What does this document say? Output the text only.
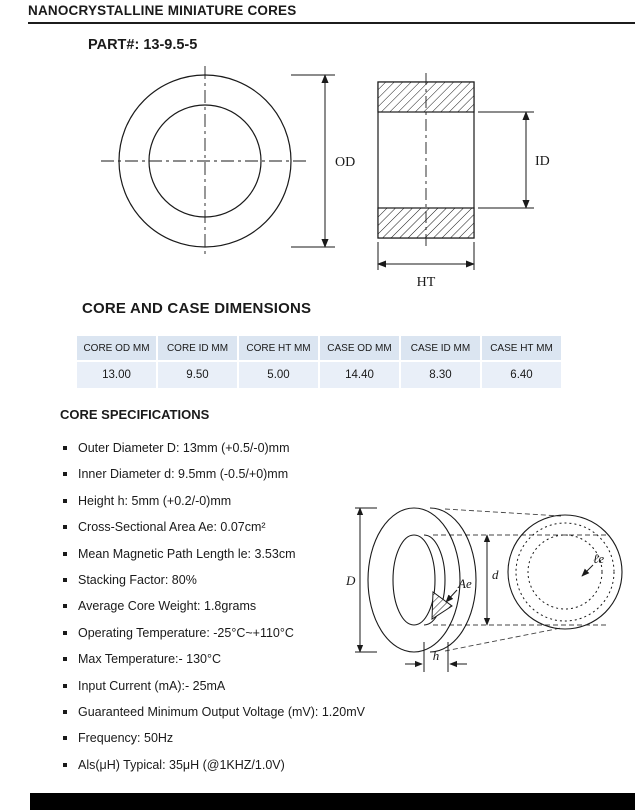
NANOCRYSTALLINE MINIATURE CORES
PART#: 13-9.5-5
OD	ID
HT
CORE AND CASE DIMENSIONS
CORE OD MM	CORE ID MM	CORE HT MM	CASE OD MM	CASE ID MM	CASE HT MM
13.00	9.50	5.00	14.40	8.30	6.40
CORE SPECIFICATIONS
Outer Diameter D: 13mm (+0.5/-0)mm
Inner Diameter d: 9.5mm (-0.5/+0)mm
Height h: 5mm (+0.2/-0)mm
Cross-Sectional Area Ae: 0.07cm²
Mean Magnetic Path Length le: 3.53cm
Stacking Factor: 80%
Average Core Weight: 1.8grams
Operating Temperature: -25°C~+110°C
Max Temperature:- 130°C
Input Current (mA):- 25mA
Guaranteed Minimum Output Voltage (mV): 1.20mV
Frequency: 50Hz
Als(μH) Typical: 35μH (@1KHZ/1.0V)
D	d
Ae
h
ℓe
